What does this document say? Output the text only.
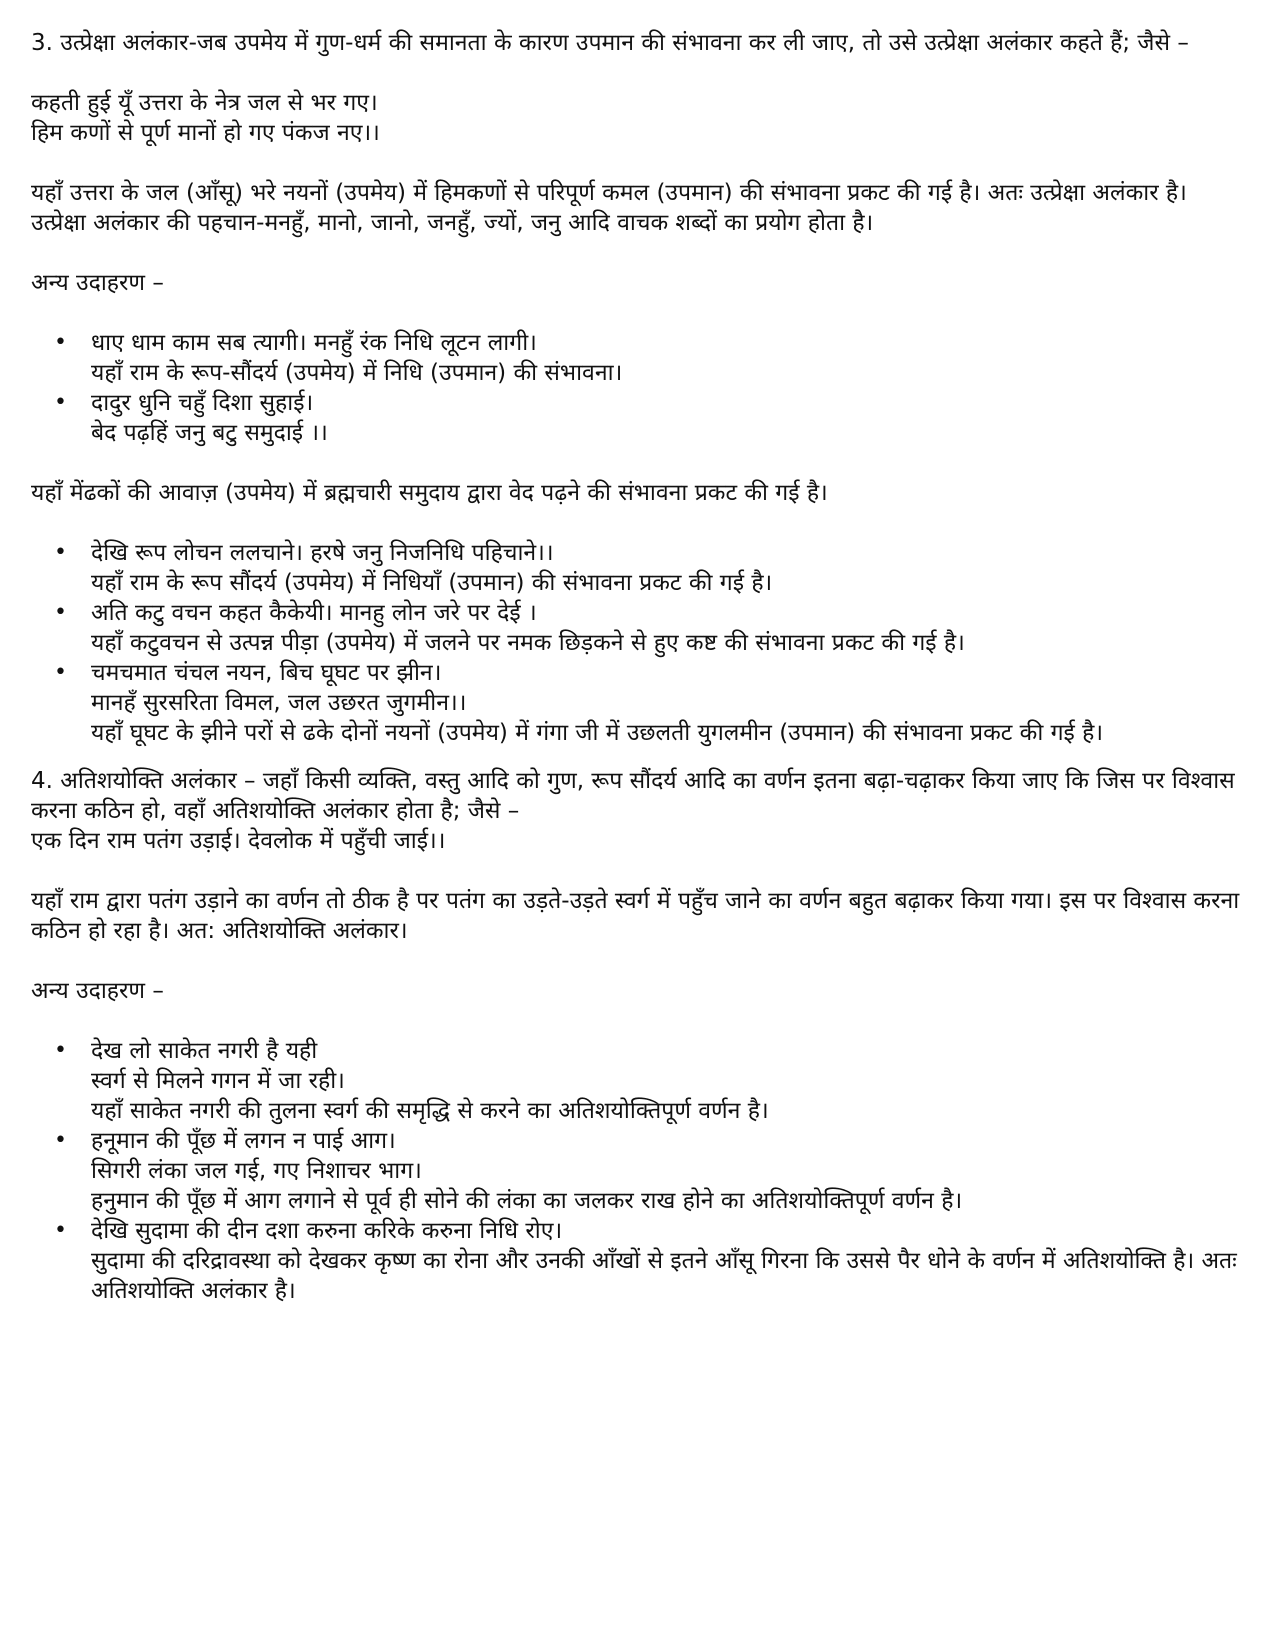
3. उत्प्रेक्षा अलंकार-जब उपमेय में गुण-धर्म की समानता के कारण उपमान की संभावना कर ली जाए, तो उसे उत्प्रेक्षा अलंकार कहते हैं; जैसे –

कहती हुई यूँ उत्तरा के नेत्र जल से भर गए।

हिम कणों से पूर्ण मानों हो गए पंकज नए।।

यहाँ उत्तरा के जल (आँसू) भरे नयनों (उपमेय) में हिमकणों से परिपूर्ण कमल (उपमान) की संभावना प्रकट की गई है। अतः उत्प्रेक्षा अलंकार है।

उत्प्रेक्षा अलंकार की पहचान-मनहुँ, मानो, जानो, जनहुँ, ज्यों, जनु आदि वाचक शब्दों का प्रयोग होता है।

अन्य उदाहरण –

• धाए धाम काम सब त्यागी। मनहुँ रंक निधि लूटन लागी।
यहाँ राम के रूप-सौंदर्य (उपमेय) में निधि (उपमान) की संभावना।
• दादुर धुनि चहुँ दिशा सुहाई।
बेद पढ़हिं जनु बटु समुदाई ।।

यहाँ मेंढकों की आवाज़ (उपमेय) में ब्रह्मचारी समुदाय द्वारा वेद पढ़ने की संभावना प्रकट की गई है।

• देखि रूप लोचन ललचाने। हरषे जनु निजनिधि पहिचाने।।
यहाँ राम के रूप सौंदर्य (उपमेय) में निधियाँ (उपमान) की संभावना प्रकट की गई है।
• अति कटु वचन कहत कैकेयी। मानहु लोन जरे पर देई ।
यहाँ कटुवचन से उत्पन्न पीड़ा (उपमेय) में जलने पर नमक छिड़कने से हुए कष्ट की संभावना प्रकट की गई है।
• चमचमात चंचल नयन, बिच घूघट पर झीन।
मानहँ सुरसरिता विमल, जल उछरत जुगमीन।।
यहाँ घूघट के झीने परों से ढके दोनों नयनों (उपमेय) में गंगा जी में उछलती युगलमीन (उपमान) की संभावना प्रकट की गई है।

4. अतिशयोक्ति अलंकार – जहाँ किसी व्यक्ति, वस्तु आदि को गुण, रूप सौंदर्य आदि का वर्णन इतना बढ़ा-चढ़ाकर किया जाए कि जिस पर विश्वास करना कठिन हो, वहाँ अतिशयोक्ति अलंकार होता है; जैसे –

एक दिन राम पतंग उड़ाई। देवलोक में पहुँची जाई।।

यहाँ राम द्वारा पतंग उड़ाने का वर्णन तो ठीक है पर पतंग का उड़ते-उड़ते स्वर्ग में पहुँच जाने का वर्णन बहुत बढ़ाकर किया गया। इस पर विश्वास करना कठिन हो रहा है। अत: अतिशयोक्ति अलंकार।

अन्य उदाहरण –

• देख लो साकेत नगरी है यही
स्वर्ग से मिलने गगन में जा रही।
यहाँ साकेत नगरी की तुलना स्वर्ग की समृद्धि से करने का अतिशयोक्तिपूर्ण वर्णन है।
• हनूमान की पूँछ में लगन न पाई आग।
सिगरी लंका जल गई, गए निशाचर भाग।
हनुमान की पूँछ में आग लगाने से पूर्व ही सोने की लंका का जलकर राख होने का अतिशयोक्तिपूर्ण वर्णन है।
• देखि सुदामा की दीन दशा करुना करिके करुना निधि रोए।
सुदामा की दरिद्रावस्था को देखकर कृष्ण का रोना और उनकी आँखों से इतने आँसू गिरना कि उससे पैर धोने के वर्णन में अतिशयोक्ति है। अतः अतिशयोक्ति अलंकार है।
